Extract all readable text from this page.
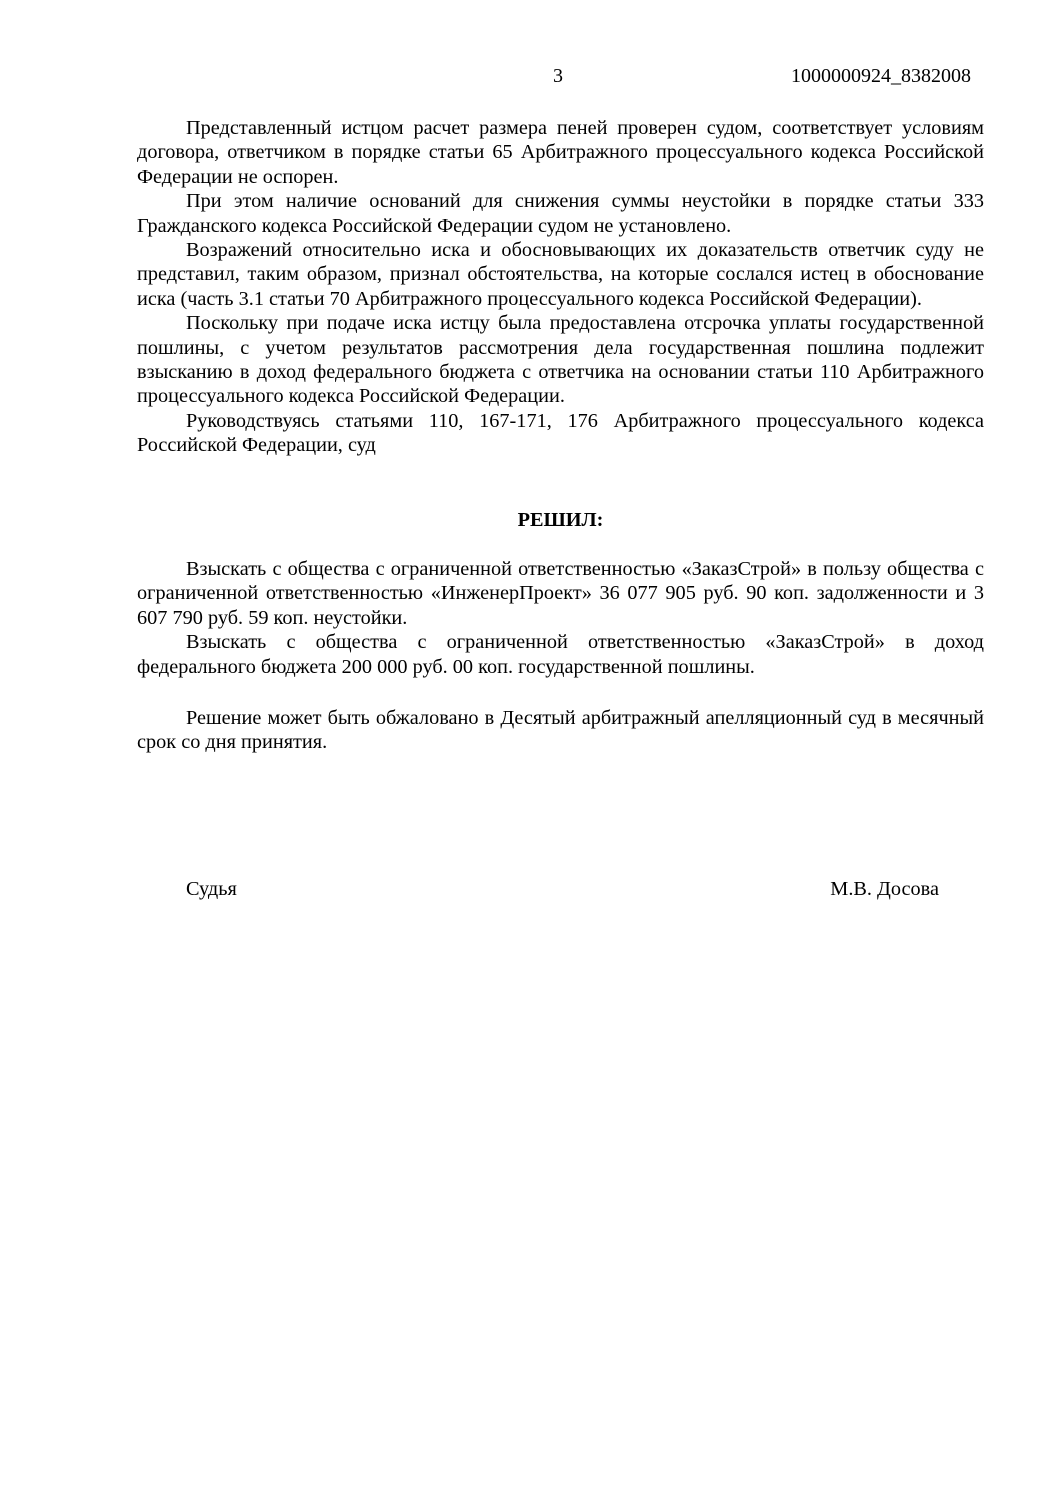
3	1000000924_8382008

Представленный истцом расчет размера пеней проверен судом, соответствует условиям договора, ответчиком в порядке статьи 65 Арбитражного процессуального кодекса Российской Федерации не оспорен.

При этом наличие оснований для снижения суммы неустойки в порядке статьи 333 Гражданского кодекса Российской Федерации судом не установлено.

Возражений относительно иска и обосновывающих их доказательств ответчик суду не представил, таким образом, признал обстоятельства, на которые сослался истец в обоснование иска (часть 3.1 статьи 70 Арбитражного процессуального кодекса Российской Федерации).

Поскольку при подаче иска истцу была предоставлена отсрочка уплаты государственной пошлины, с учетом результатов рассмотрения дела государственная пошлина подлежит взысканию в доход федерального бюджета с ответчика на основании статьи 110 Арбитражного процессуального кодекса Российской Федерации.

Руководствуясь статьями 110, 167-171, 176 Арбитражного процессуального кодекса Российской Федерации, суд

РЕШИЛ:

Взыскать с общества с ограниченной ответственностью «ЗаказСтрой» в пользу общества с ограниченной ответственностью «ИнженерПроект» 36 077 905 руб. 90 коп. задолженности и 3 607 790 руб. 59 коп. неустойки.

Взыскать с общества с ограниченной ответственностью «ЗаказСтрой» в доход федерального бюджета 200 000 руб. 00 коп. государственной пошлины.

Решение может быть обжаловано в Десятый арбитражный апелляционный суд в месячный срок со дня принятия.

Судья	М.В. Досова
